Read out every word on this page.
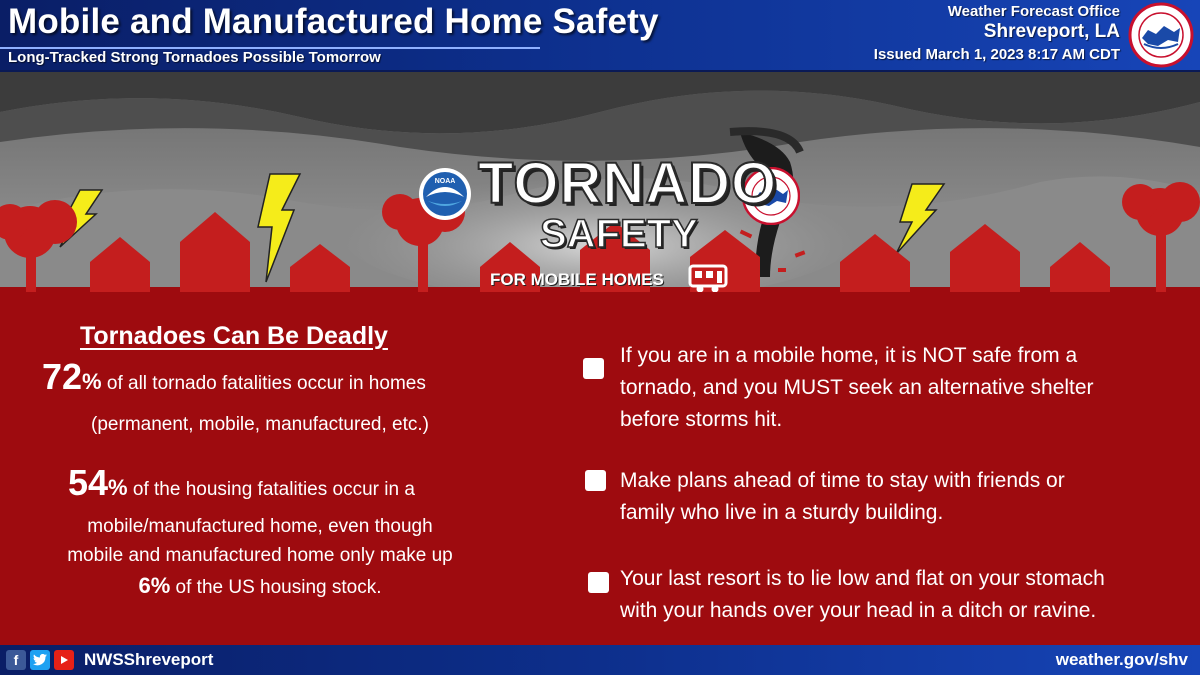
Mobile and Manufactured Home Safety
Long-Tracked Strong Tornadoes Possible Tomorrow
Weather Forecast Office
Shreveport, LA
Issued March 1, 2023 8:17 AM CDT
NOAA TORNADO
SAFETY
FOR MOBILE HOMES
Tornadoes Can Be Deadly
72% of all tornado fatalities occur in homes
(permanent, mobile, manufactured, etc.)
54% of the housing fatalities occur in a
mobile/manufactured home, even though
mobile and manufactured home only make up
6% of the US housing stock.
If you are in a mobile home, it is NOT safe from a
tornado, and you MUST seek an alternative shelter
before storms hit.
Make plans ahead of time to stay with friends or
family who live in a sturdy building.
Your last resort is to lie low and flat on your stomach
with your hands over your head in a ditch or ravine.
f	NWSShreveport	weather.gov/shv
